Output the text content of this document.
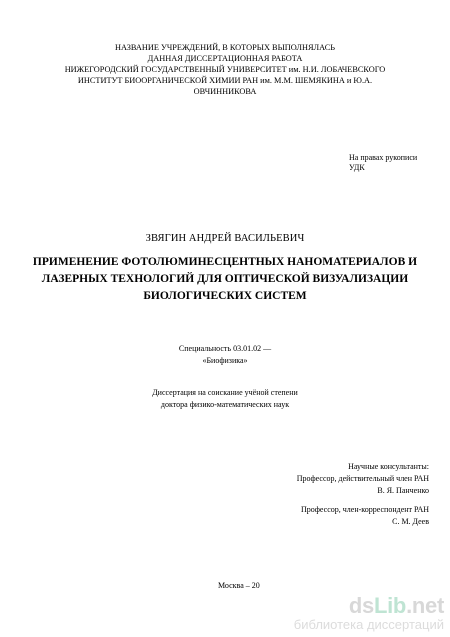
НАЗВАНИЕ УЧРЕЖДЕНИЙ, В КОТОРЫХ ВЫПОЛНЯЛАСЬ
ДАННАЯ ДИССЕРТАЦИОННАЯ РАБОТА
НИЖЕГОРОДСКИЙ ГОСУДАРСТВЕННЫЙ УНИВЕРСИТЕТ им. Н.И. ЛОБАЧЕВСКОГО
ИНСТИТУТ БИООРГАНИЧЕСКОЙ ХИМИИ РАН им. М.М. ШЕМЯКИНА и Ю.А.
ОВЧИННИКОВА
На правах рукописи
УДК
ЗВЯГИН АНДРЕЙ ВАСИЛЬЕВИЧ
ПРИМЕНЕНИЕ ФОТОЛЮМИНЕСЦЕНТНЫХ НАНОМАТЕРИАЛОВ И
ЛАЗЕРНЫХ ТЕХНОЛОГИЙ ДЛЯ ОПТИЧЕСКОЙ ВИЗУАЛИЗАЦИИ
БИОЛОГИЧЕСКИХ СИСТЕМ
Специальность 03.01.02 —
«Биофизика»
Диссертация на соискание учёной степени
доктора физико-математических наук
Научные консультанты:
Профессор, действительный член РАН
В. Я. Панченко
Профессор, член-корреспондент РАН
С. М. Деев
Москва – 20
dsLib.net
библиотека диссертаций
